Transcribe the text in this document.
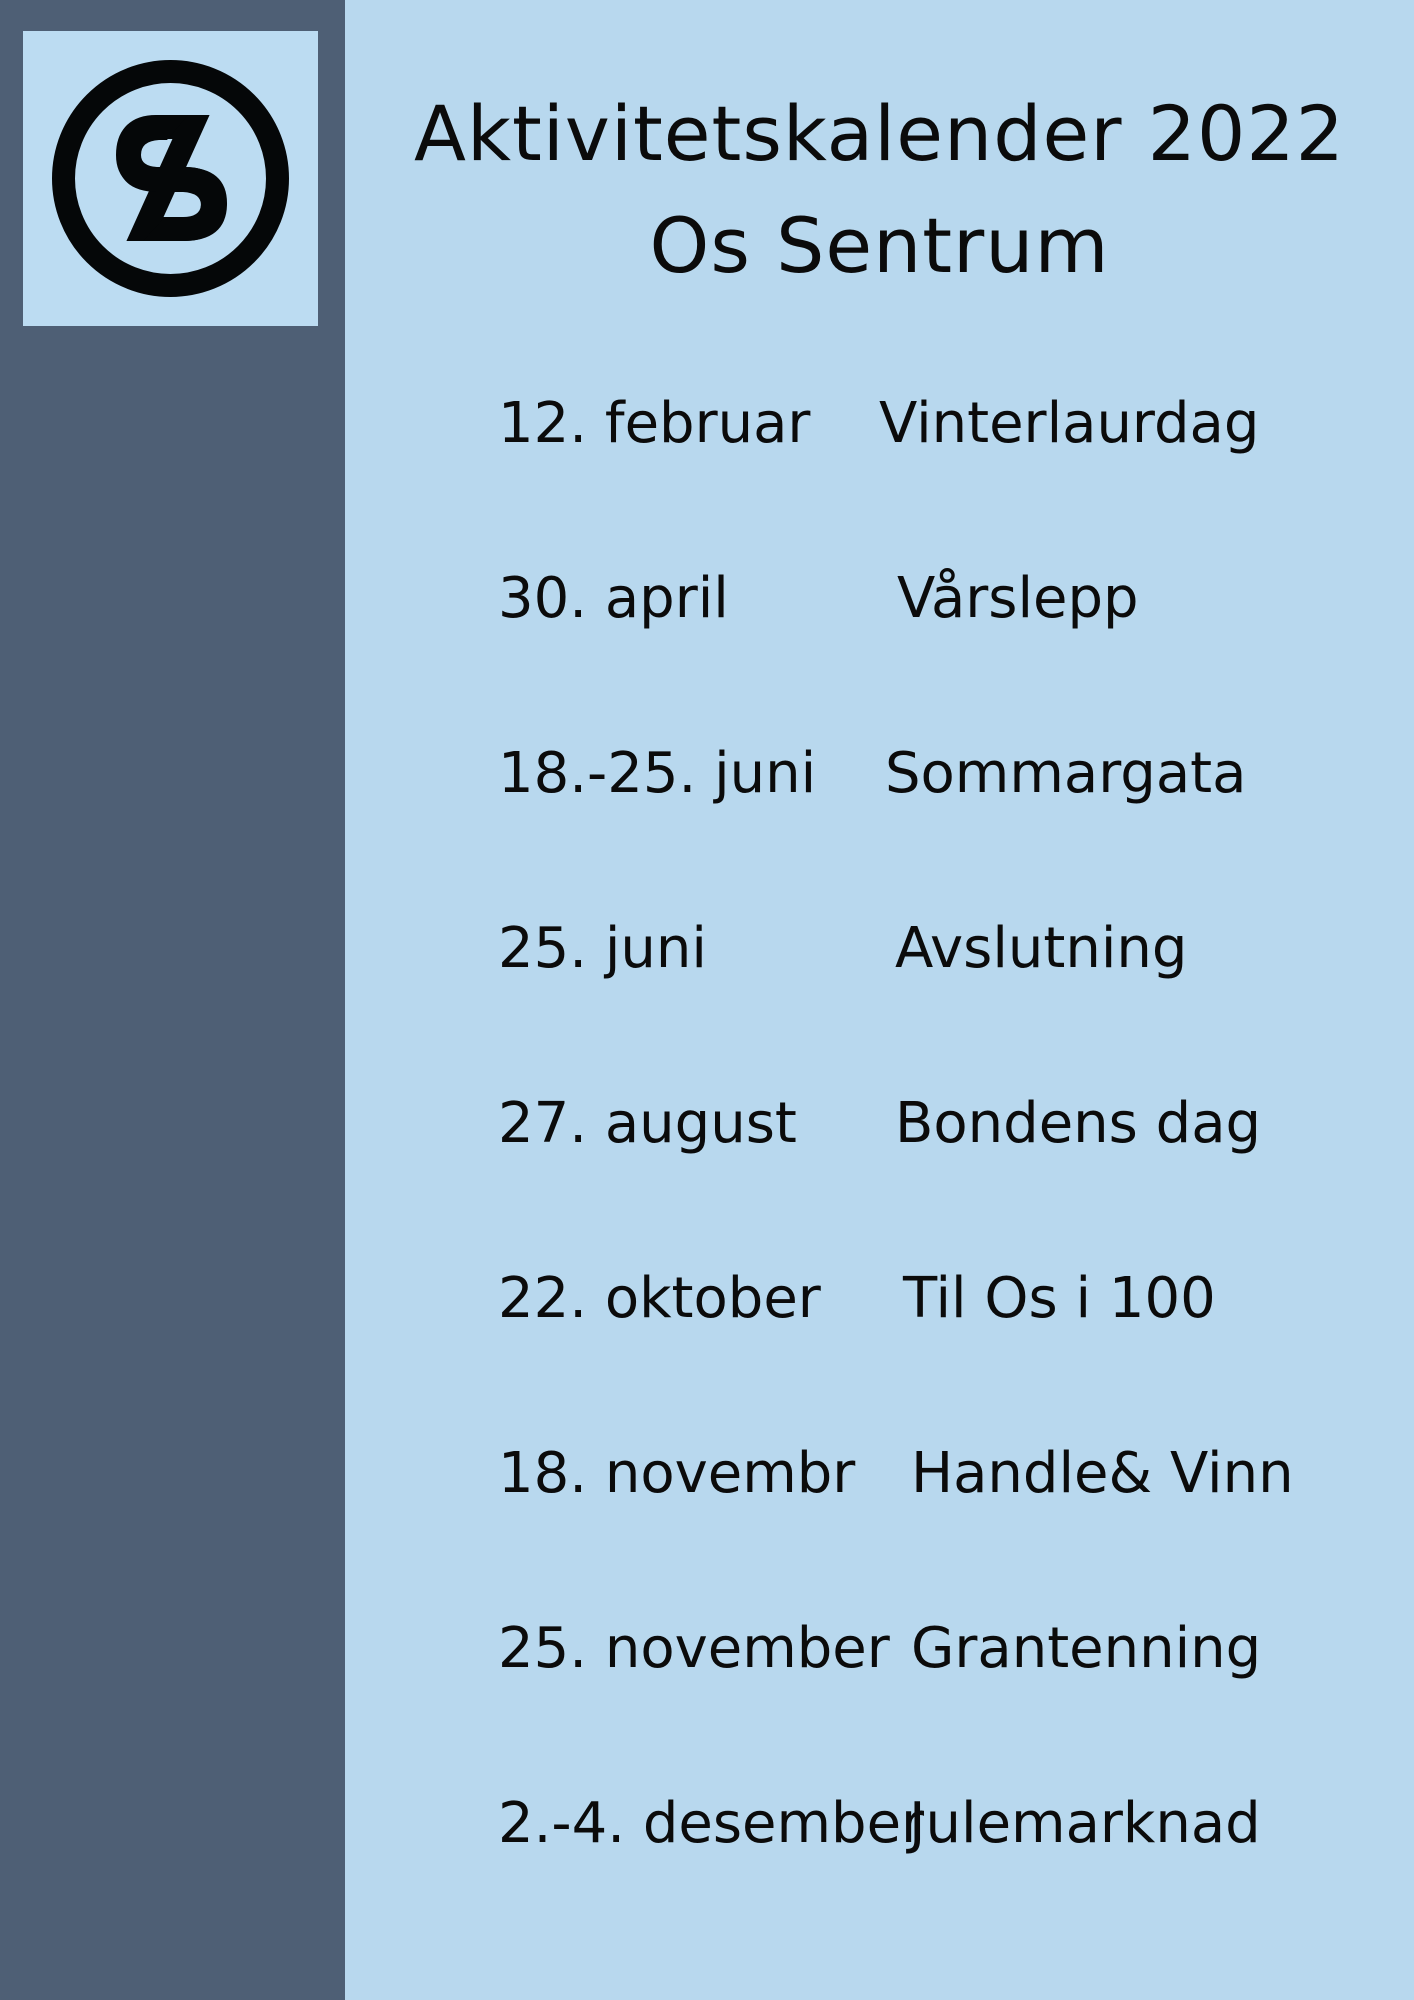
Aktivitetskalender 2022
Os Sentrum
12. februar Vinterlaurdag
30. april	Vårslepp
18.-25. juni Sommargata
25. juni	Avslutning
27. august Bondens dag
22. oktober Til Os i 100
18. novembr Handle& Vinn
25. november Grantenning
2.-4. desember
Julemarknad
